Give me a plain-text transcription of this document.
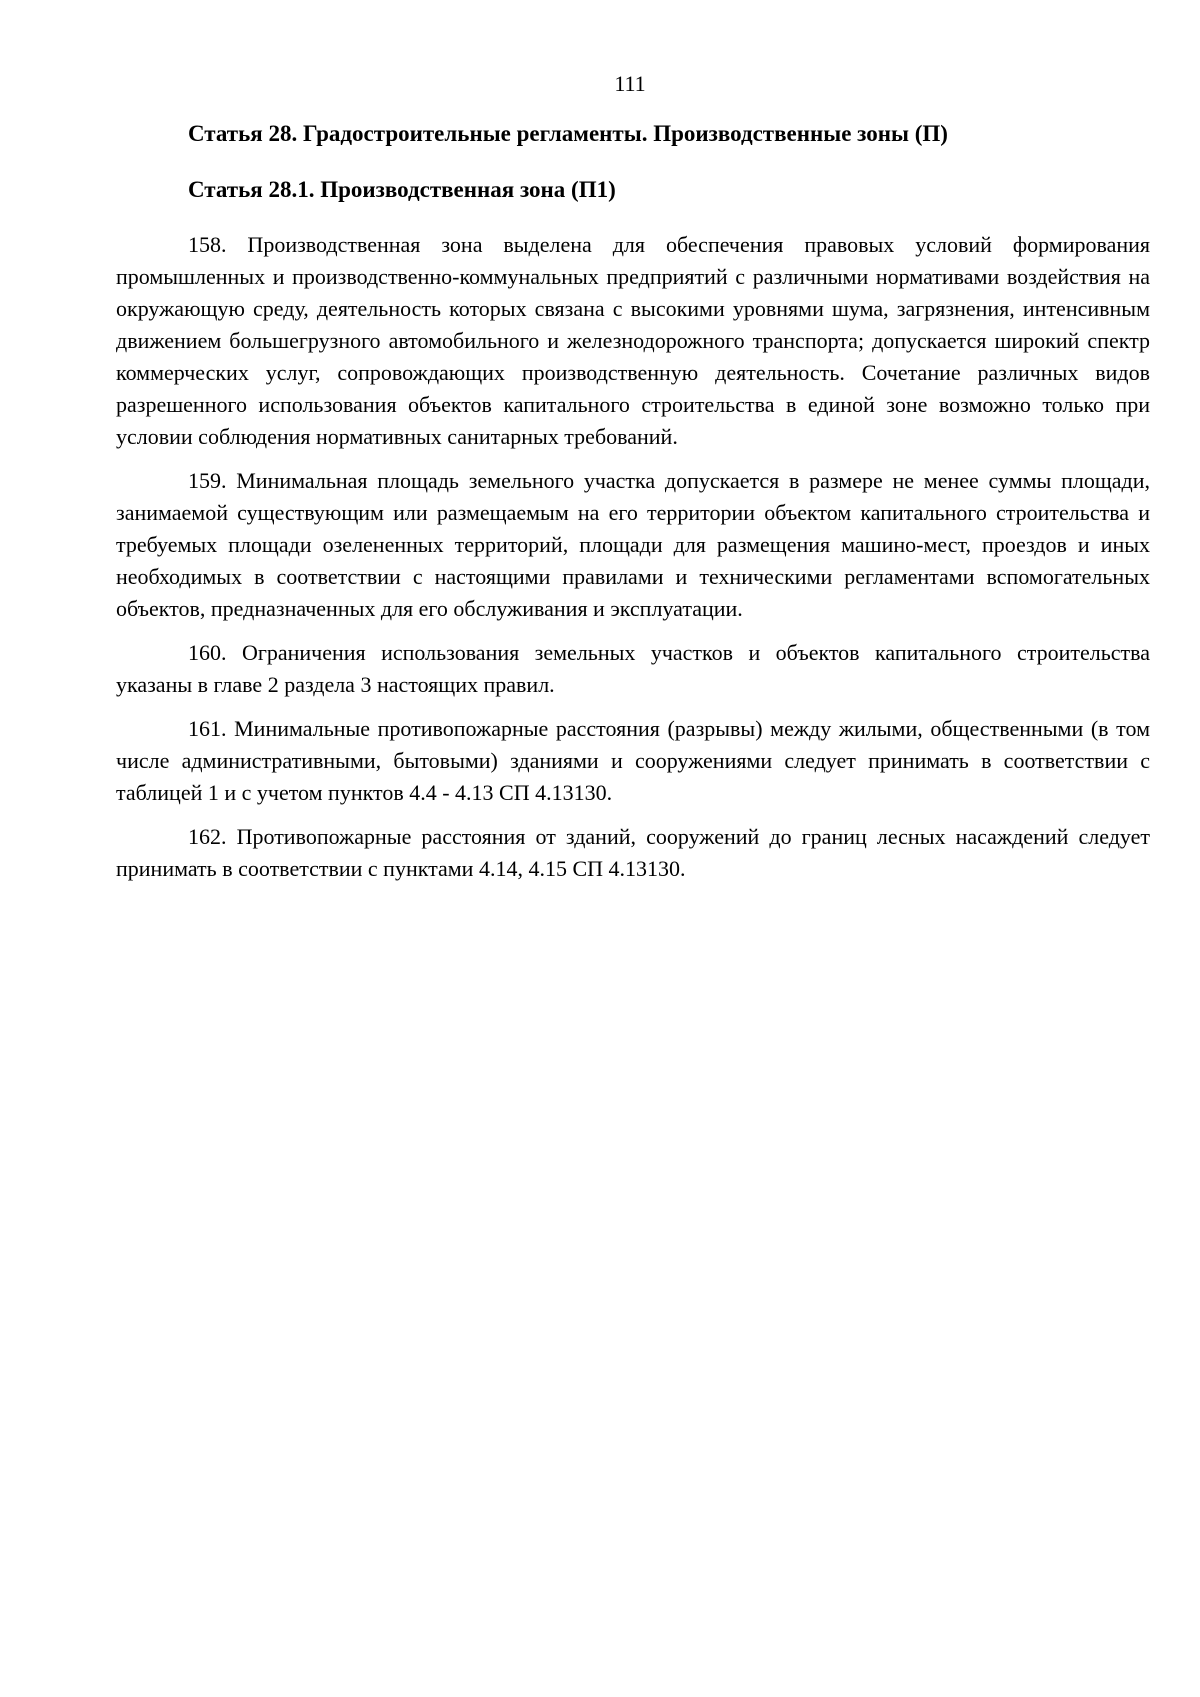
111

Статья 28. Градостроительные регламенты. Производственные зоны (П)
Статья 28.1. Производственная зона (П1)

158. Производственная зона выделена для обеспечения правовых условий формирования промышленных и производственно-коммунальных предприятий с различными нормативами воздействия на окружающую среду, деятельность которых связана с высокими уровнями шума, загрязнения, интенсивным движением большегрузного автомобильного и железнодорожного транспорта; допускается широкий спектр коммерческих услуг, сопровождающих производственную деятельность. Сочетание различных видов разрешенного использования объектов капитального строительства в единой зоне возможно только при условии соблюдения нормативных санитарных требований.

159. Минимальная площадь земельного участка допускается в размере не менее суммы площади, занимаемой существующим или размещаемым на его территории объектом капитального строительства и требуемых площади озелененных территорий, площади для размещения машино-мест, проездов и иных необходимых в соответствии с настоящими правилами и техническими регламентами вспомогательных объектов, предназначенных для его обслуживания и эксплуатации.

160. Ограничения использования земельных участков и объектов капитального строительства указаны в главе 2 раздела 3 настоящих правил.

161. Минимальные противопожарные расстояния (разрывы) между жилыми, общественными (в том числе административными, бытовыми) зданиями и сооружениями следует принимать в соответствии с таблицей 1 и с учетом пунктов 4.4 - 4.13 СП 4.13130.

162. Противопожарные расстояния от зданий, сооружений до границ лесных насаждений следует принимать в соответствии с пунктами 4.14, 4.15 СП 4.13130.
